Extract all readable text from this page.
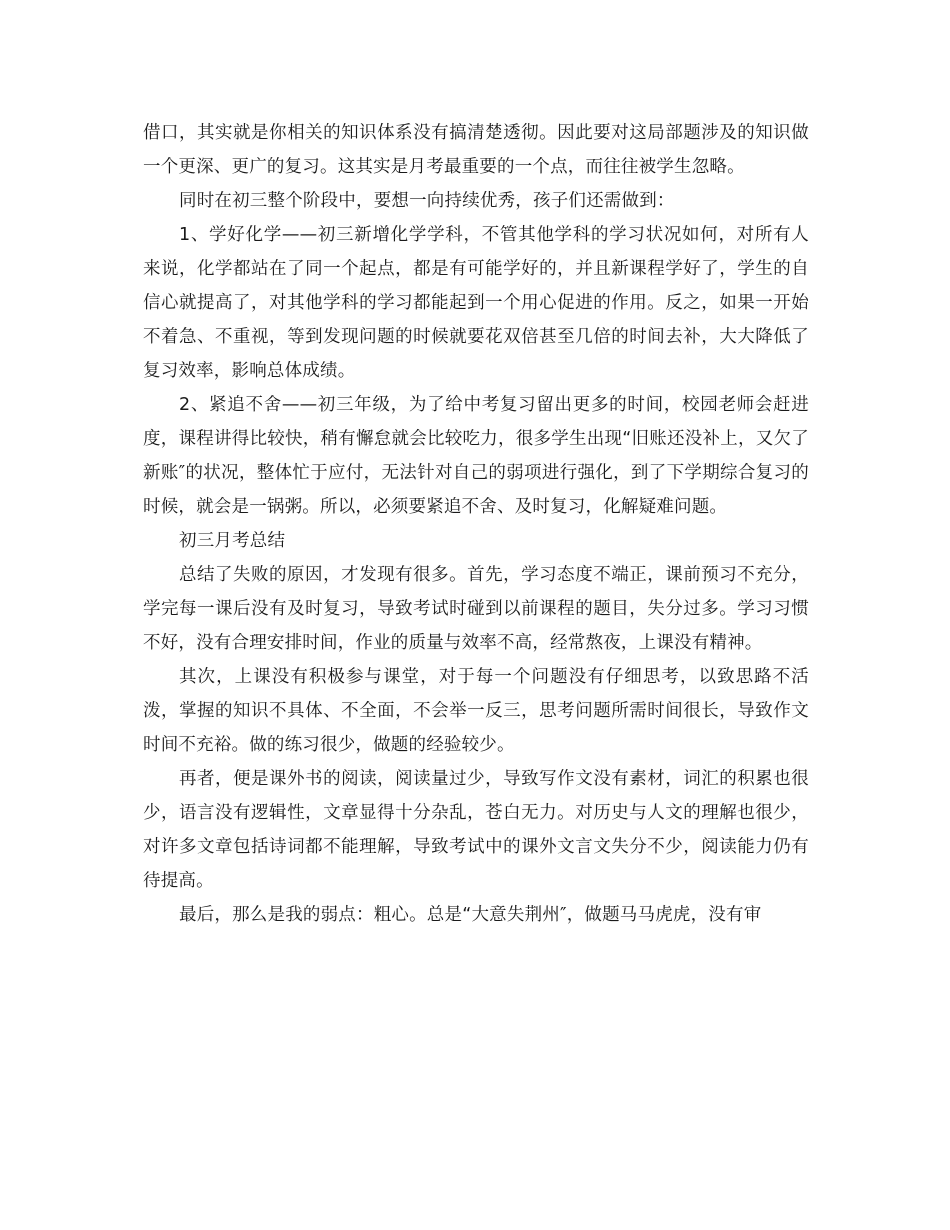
借口，其实就是你相关的知识体系没有搞清楚透彻。因此要对这局部题涉及的知识做一个更深、更广的复习。这其实是月考最重要的一个点，而往往被学生忽略。

同时在初三整个阶段中，要想一向持续优秀，孩子们还需做到：

1、学好化学——初三新增化学学科，不管其他学科的学习状况如何，对所有人来说，化学都站在了同一个起点，都是有可能学好的，并且新课程学好了，学生的自信心就提高了，对其他学科的学习都能起到一个用心促进的作用。反之，如果一开始不着急、不重视，等到发现问题的时候就要花双倍甚至几倍的时间去补，大大降低了复习效率，影响总体成绩。

2、紧追不舍——初三年级，为了给中考复习留出更多的时间，校园老师会赶进度，课程讲得比较快，稍有懈怠就会比较吃力，很多学生出现“旧账还没补上，又欠了新账″的状况，整体忙于应付，无法针对自己的弱项进行强化，到了下学期综合复习的时候，就会是一锅粥。所以，必须要紧追不舍、及时复习，化解疑难问题。

初三月考总结

总结了失败的原因，才发现有很多。首先，学习态度不端正，课前预习不充分，学完每一课后没有及时复习，导致考试时碰到以前课程的题目，失分过多。学习习惯不好，没有合理安排时间，作业的质量与效率不高，经常熬夜，上课没有精神。

其次，上课没有积极参与课堂，对于每一个问题没有仔细思考，以致思路不活泼，掌握的知识不具体、不全面，不会举一反三，思考问题所需时间很长，导致作文时间不充裕。做的练习很少，做题的经验较少。

再者，便是课外书的阅读，阅读量过少，导致写作文没有素材，词汇的积累也很少，语言没有逻辑性，文章显得十分杂乱，苍白无力。对历史与人文的理解也很少，对许多文章包括诗词都不能理解，导致考试中的课外文言文失分不少，阅读能力仍有待提高。

最后，那么是我的弱点：粗心。总是“大意失荆州″，做题马马虎虎，没有审
